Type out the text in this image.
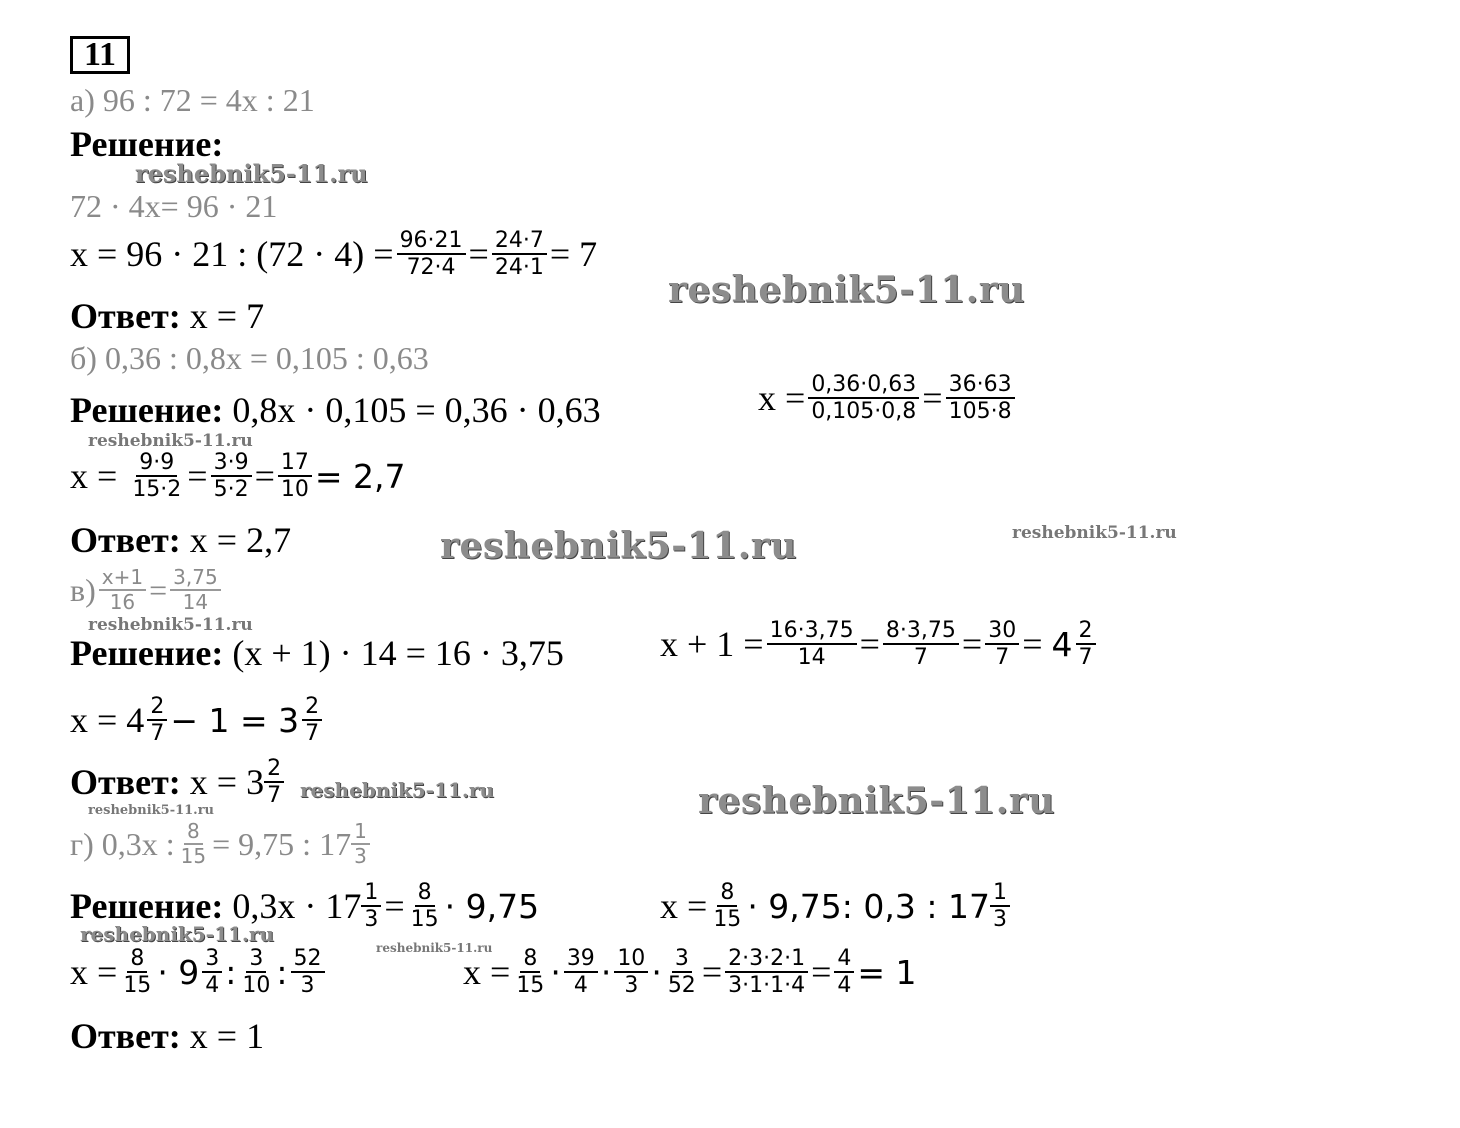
11
а) 96 : 72 = 4х : 21
Решение:
reshebnik5-11.ru
72 · 4х= 96 · 21
х = 96 · 21 : $(72 \cdot 4) = \frac{96\cdot 21}{72\cdot 4} = \frac{24\cdot 7}{24\cdot 1} = 7$
reshebnik5-11.ru
Ответ: х = 7
б) 0,36 : 0,8х = 0,105 : 0,63
Решение: 0,8х · 0,105 = 0,36 · 0,63	$х = \frac{0,36\cdot 0,63}{0,105\cdot 0,8} = \frac{36\cdot 63}{105\cdot 8}$
reshebnik5-11.ru
х =
$\frac{9\cdot 9}{15\cdot 2} = \frac{3\cdot 9}{5\cdot 2} = \frac{17}{10} = 2,7$
Ответ: х = 2,7	reshebnik5-11.ru	reshebnik5-11.ru
$в) \frac{x+1}{16} = \frac{3,75}{14}$
reshebnik5-11.ru
Решение: (х + 1) · 14 = 16 · 3,75	$х + 1 = \frac{16\cdot 3,75}{14} = \frac{8\cdot 3,75}{7} = \frac{30}{7}$ =
$4 \frac{2}{7}$
$х = 4 \frac{2}{7} - 1 = 3 \frac{2}{7}$
Ответ:
$х = 3 \frac{2}{7}$ reshebnik5-11.ru
reshebnik5-11.ru	reshebnik5-11.ru
г) 0,3х : $\frac{8}{15} = 9,75$ : $17 \frac{1}{3}$
Решение:
$0,3х \cdot 17 \frac{1}{3} = \frac{8}{15} \cdot 9,75$
reshebnik5-11.ru
reshebnik5-11.ru
$х = \frac{8}{15} \cdot 9,75$: 0,3 : $17 \frac{1}{3}$
$х = \frac{8}{15} \cdot 9 \frac{3}{4}$ : $\frac{3}{10}$ : $\frac{52}{3}$	$х = \frac{8}{15} \cdot \frac{39}{4} \cdot \frac{10}{3} \cdot \frac{3}{52} = \frac{2\cdot 3\cdot 2\cdot 1}{3\cdot 1\cdot 1\cdot 4} = \frac{4}{4} = 1$
Ответ: х = 1
